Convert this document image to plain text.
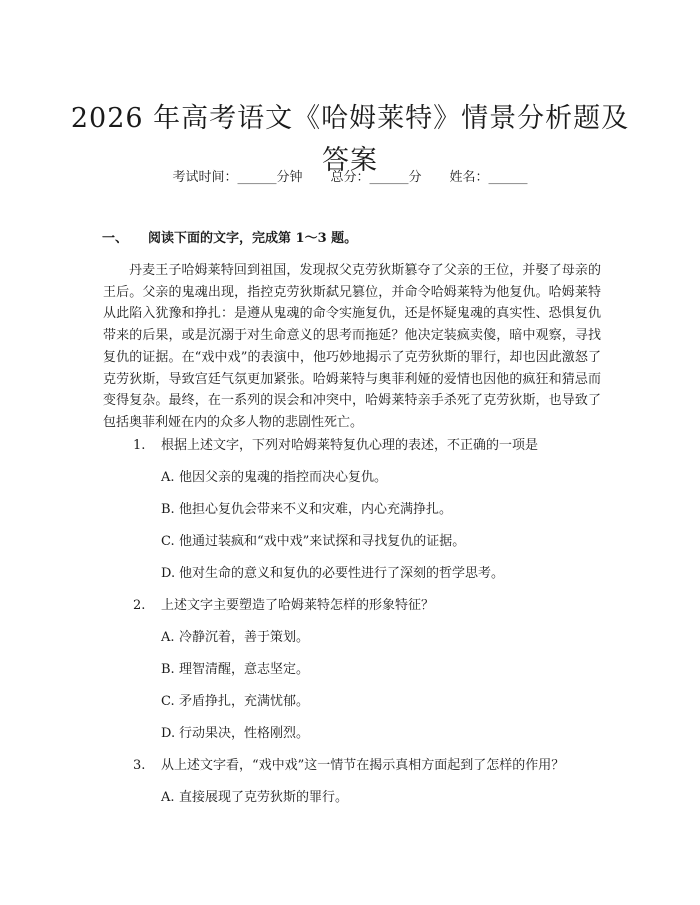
2026 年高考语文《哈姆莱特》情景分析题及答案
考试时间：______分钟 总分：______分 姓名：______
一、 阅读下面的文字，完成第 1～3 题。

丹麦王子哈姆莱特回到祖国，发现叔父克劳狄斯篡夺了父亲的王位，并娶了母亲的王后。父亲的鬼魂出现，指控克劳狄斯弑兄篡位，并命令哈姆莱特为他复仇。哈姆莱特从此陷入犹豫和挣扎：是遵从鬼魂的命令实施复仇，还是怀疑鬼魂的真实性、恐惧复仇带来的后果，或是沉溺于对生命意义的思考而拖延？他决定装疯卖傻，暗中观察，寻找复仇的证据。在“戏中戏”的表演中，他巧妙地揭示了克劳狄斯的罪行，却也因此激怒了克劳狄斯，导致宫廷气氛更加紧张。哈姆莱特与奥菲利娅的爱情也因他的疯狂和猜忌而变得复杂。最终，在一系列的误会和冲突中，哈姆莱特亲手杀死了克劳狄斯，也导致了包括奥菲利娅在内的众多人物的悲剧性死亡。

1. 根据上述文字，下列对哈姆莱特复仇心理的表述，不正确的一项是
A. 他因父亲的鬼魂的指控而决心复仇。
B. 他担心复仇会带来不义和灾难，内心充满挣扎。
C. 他通过装疯和“戏中戏”来试探和寻找复仇的证据。
D. 他对生命的意义和复仇的必要性进行了深刻的哲学思考。
2. 上述文字主要塑造了哈姆莱特怎样的形象特征？
A. 冷静沉着，善于策划。
B. 理智清醒，意志坚定。
C. 矛盾挣扎，充满忧郁。
D. 行动果决，性格刚烈。
3. 从上述文字看，“戏中戏”这一情节在揭示真相方面起到了怎样的作用？
A. 直接展现了克劳狄斯的罪行。
